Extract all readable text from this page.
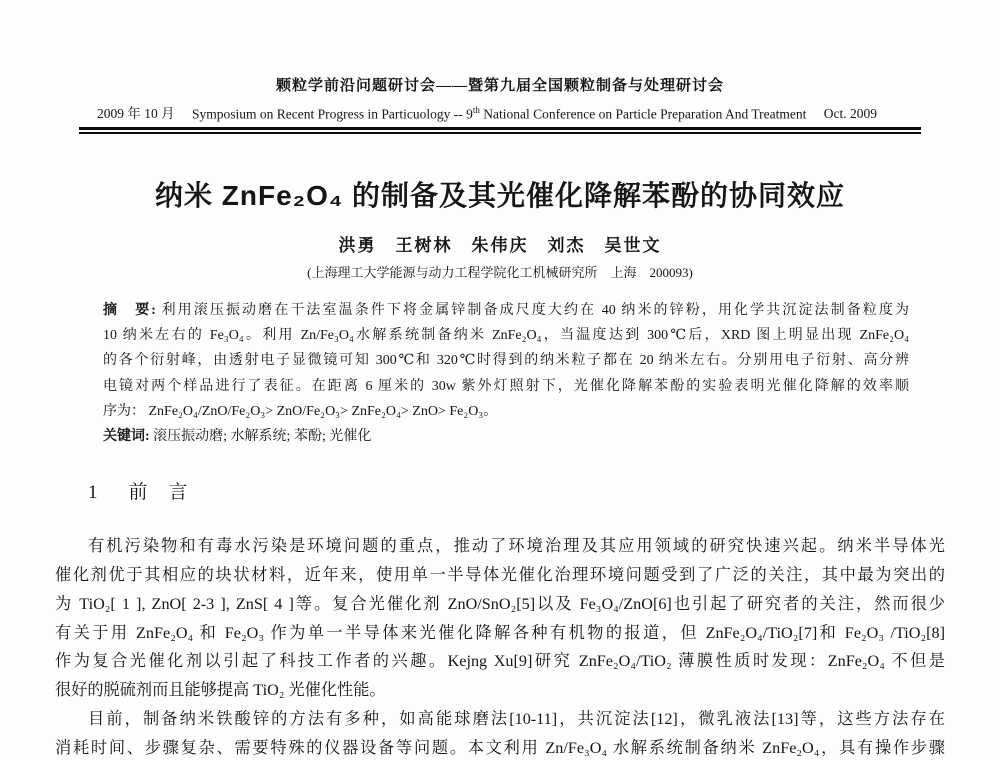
颗粒学前沿问题研讨会——暨第九届全国颗粒制备与处理研讨会
2009 年 10 月 Symposium on Recent Progress in Particuology -- 9th National Conference on Particle Preparation And Treatment Oct. 2009
纳米 ZnFe₂O₄ 的制备及其光催化降解苯酚的协同效应
洪勇　王树林　朱伟庆　刘杰　吴世文
(上海理工大学能源与动力工程学院化工机械研究所　上海　200093)
摘　要: 利用滚压振动磨在干法室温条件下将金属锌制备成尺度大约在 40 纳米的锌粉，用化学共沉淀法制备粒度为
10 纳米左右的 Fe₃O₄。利用 Zn/Fe₃O₄水解系统制备纳米 ZnFe₂O₄，当温度达到 300℃后，XRD 图上明显出现 ZnFe₂O₄
的各个衍射峰，由透射电子显微镜可知 300℃和 320℃时得到的纳米粒子都在 20 纳米左右。分别用电子衍射、高分辨
电镜对两个样品进行了表征。在距离 6 厘米的 30w 紫外灯照射下，光催化降解苯酚的实验表明光催化降解的效率顺
序为： ZnFe₂O₄/ZnO/Fe₂O₃> ZnO/Fe₂O₃> ZnFe₂O₄> ZnO> Fe₂O₃。
关键词: 滚压振动磨; 水解系统; 苯酚; 光催化
1 前　言
有机污染物和有毒水污染是环境问题的重点，推动了环境治理及其应用领域的研究快速兴起。纳米半导体光
催化剂优于其相应的块状材料，近年来，使用单一半导体光催化治理环境问题受到了广泛的关注，其中最为突出的
为 TiO₂[ 1 ], ZnO[ 2-3 ], ZnS[ 4 ]等。复合光催化剂 ZnO/SnO₂[5]以及 Fe₃O₄/ZnO[6]也引起了研究者的关注，然而很少
有关于用 ZnFe₂O₄ 和 Fe₂O₃ 作为单一半导体来光催化降解各种有机物的报道，但 ZnFe₂O₄/TiO₂[7]和 Fe₂O₃ /TiO₂[8]
作为复合光催化剂以引起了科技工作者的兴趣。Kejng Xu[9]研究 ZnFe₂O₄/TiO₂ 薄膜性质时发现：ZnFe₂O₄ 不但是
很好的脱硫剂而且能够提高 TiO₂ 光催化性能。
目前，制备纳米铁酸锌的方法有多种，如高能球磨法[10-11]，共沉淀法[12]，微乳液法[13]等，这些方法存在
消耗时间、步骤复杂、需要特殊的仪器设备等问题。本文利用 Zn/Fe₃O₄ 水解系统制备纳米 ZnFe₂O₄，具有操作步骤
